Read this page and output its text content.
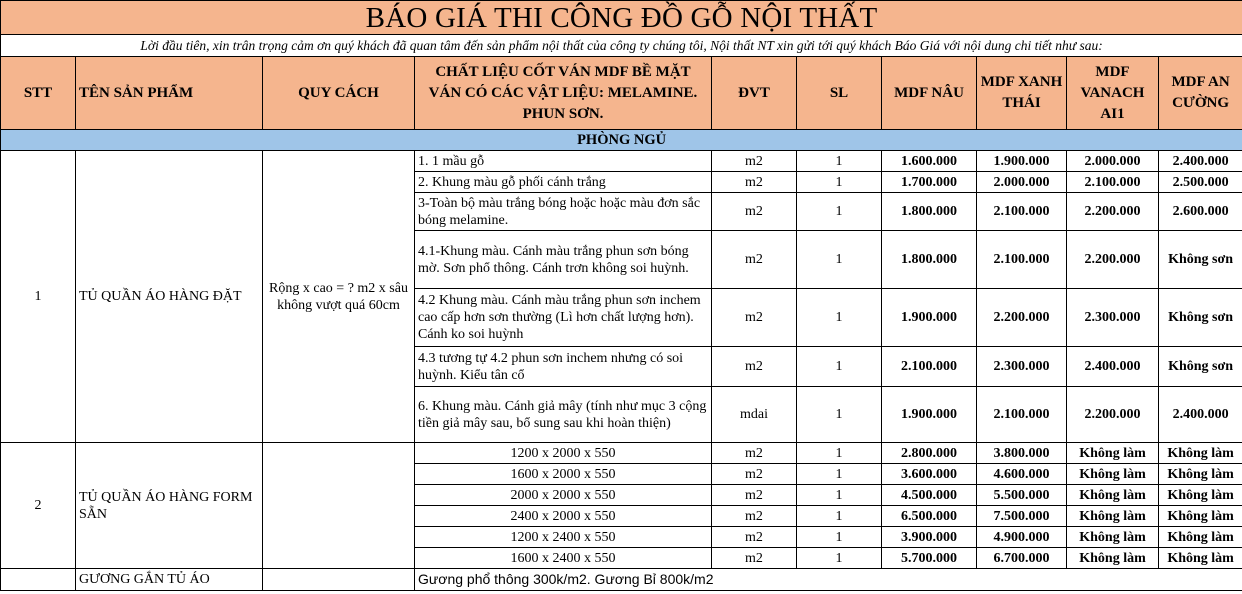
BÁO GIÁ THI CÔNG ĐỒ GỖ NỘI THẤT									
Lời đầu tiên, xin trân trọng cảm ơn quý khách đã quan tâm đến sản phẩm nội thất của công ty chúng tôi, Nội thất NT xin gửi tới quý khách Báo Giá với nội dung chi tiết như sau:									
STT	TÊN SẢN PHẨM	QUY CÁCH	CHẤT LIỆU CỐT VÁN MDF BỀ MẶT VÁN CÓ CÁC VẬT LIỆU: MELAMINE. PHUN SƠN.	ĐVT	SL	MDF NÂU	MDF XANH THÁI	MDF VANACH AI1	MDF AN CƯỜNG
PHÒNG NGỦ									
1	TỦ QUẦN ÁO HÀNG ĐẶT	Rộng x cao = ? m2 x sâu không vượt quá 60cm	1. 1 mầu gỗ	m2	1	1.600.000	1.900.000	2.000.000	2.400.000
			2. Khung màu gỗ phối cánh trắng	m2	1	1.700.000	2.000.000	2.100.000	2.500.000
			3-Toàn bộ màu trắng bóng hoặc hoặc màu đơn sắc bóng melamine.	m2	1	1.800.000	2.100.000	2.200.000	2.600.000
			4.1-Khung màu. Cánh màu trắng phun sơn bóng mờ. Sơn phổ thông. Cánh trơn không soi huỳnh.	m2	1	1.800.000	2.100.000	2.200.000	Không sơn
			4.2 Khung màu. Cánh màu trắng phun sơn inchem cao cấp hơn sơn thường (Lì hơn chất lượng hơn). Cánh ko soi huỳnh	m2	1	1.900.000	2.200.000	2.300.000	Không sơn
			4.3 tương tự 4.2 phun sơn inchem nhưng có soi huỳnh. Kiểu tân cổ	m2	1	2.100.000	2.300.000	2.400.000	Không sơn
			6. Khung màu. Cánh giả mây (tính như mục 3 cộng tiền giả mây sau, bổ sung sau khi hoàn thiện)	mdai	1	1.900.000	2.100.000	2.200.000	2.400.000
2	TỦ QUẦN ÁO HÀNG FORM SẴN		1200 x 2000 x 550	m2	1	2.800.000	3.800.000	Không làm	Không làm
			1600 x 2000 x 550	m2	1	3.600.000	4.600.000	Không làm	Không làm
			2000 x 2000 x 550	m2	1	4.500.000	5.500.000	Không làm	Không làm
			2400 x 2000 x 550	m2	1	6.500.000	7.500.000	Không làm	Không làm
			1200 x 2400 x 550	m2	1	3.900.000	4.900.000	Không làm	Không làm
			1600 x 2400 x 550	m2	1	5.700.000	6.700.000	Không làm	Không làm
	GƯƠNG GẮN TỦ ÁO		Gương phổ thông 300k/m2. Gương Bỉ 800k/m2						
